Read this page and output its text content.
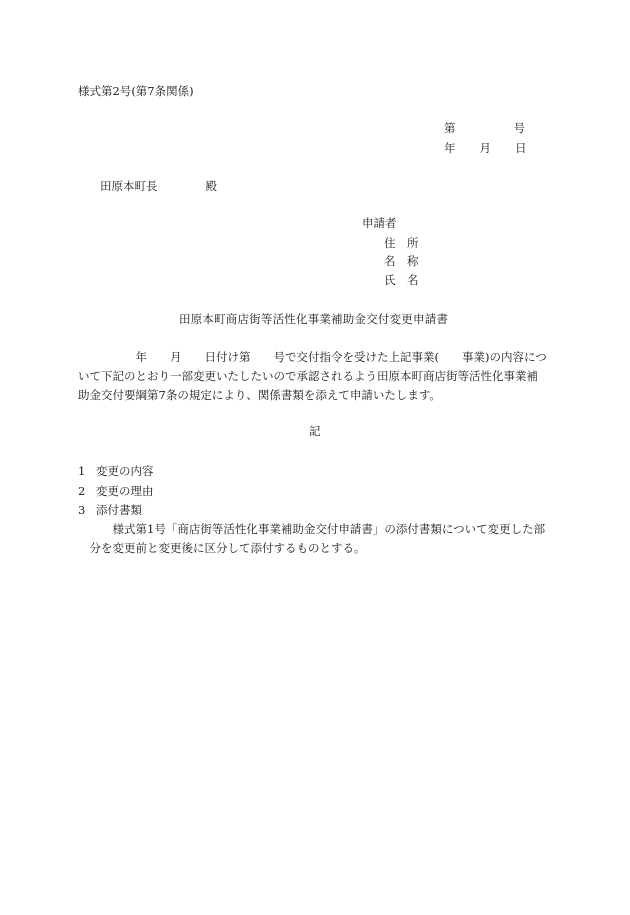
様式第2号(第7条関係)
第	号
年 月 日
田原本町長	殿
申請者
住　所
名　称
氏　名
田原本町商店街等活性化事業補助金交付変更申請書
　　　　　年　　月　　日付け第　　号で交付指令を受けた上記事業(　　事業)の内容につ
いて下記のとおり一部変更いたしたいので承認されるよう田原本町商店街等活性化事業補
助金交付要綱第7条の規定により、関係書類を添えて申請いたします。
記
1 変更の内容
2 変更の理由
3 添付書類
　　　様式第1号「商店街等活性化事業補助金交付申請書」の添付書類について変更した部
　分を変更前と変更後に区分して添付するものとする。
